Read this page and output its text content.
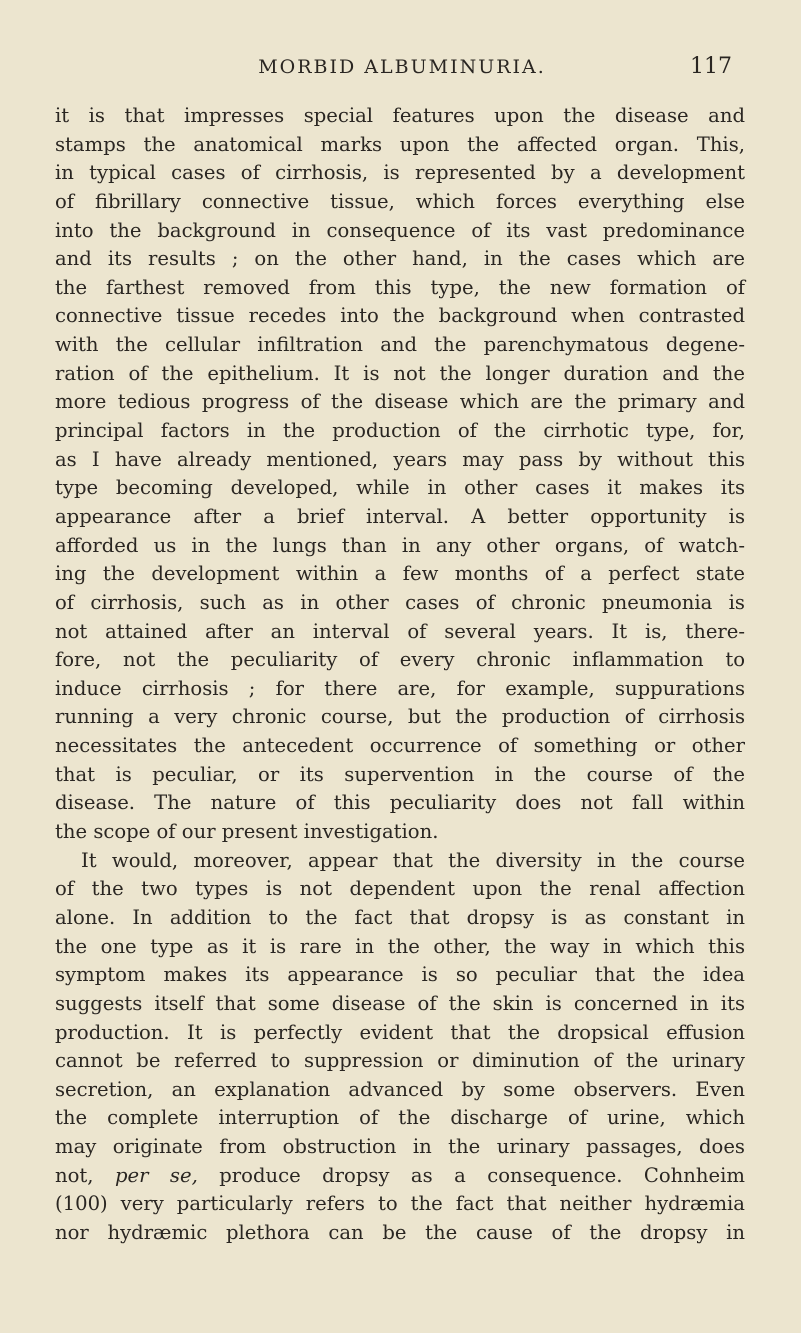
MORBID ALBUMINURIA.	117
it is that impresses special features upon the disease and
stamps the anatomical marks upon the affected organ. This,
in typical cases of cirrhosis, is represented by a development
of fibrillary connective tissue, which forces everything else
into the background in consequence of its vast predominance
and its results ; on the other hand, in the cases which are
the farthest removed from this type, the new formation of
connective tissue recedes into the background when contrasted
with the cellular infiltration and the parenchymatous degene-
ration of the epithelium. It is not the longer duration and the
more tedious progress of the disease which are the primary and
principal factors in the production of the cirrhotic type, for,
as I have already mentioned, years may pass by without this
type becoming developed, while in other cases it makes its
appearance after a brief interval. A better opportunity is
afforded us in the lungs than in any other organs, of watch-
ing the development within a few months of a perfect state
of cirrhosis, such as in other cases of chronic pneumonia is
not attained after an interval of several years. It is, there-
fore, not the peculiarity of every chronic inflammation to
induce cirrhosis ; for there are, for example, suppurations
running a very chronic course, but the production of cirrhosis
necessitates the antecedent occurrence of something or other
that is peculiar, or its supervention in the course of the
disease. The nature of this peculiarity does not fall within
the scope of our present investigation.
It would, moreover, appear that the diversity in the course
of the two types is not dependent upon the renal affection
alone. In addition to the fact that dropsy is as constant in
the one type as it is rare in the other, the way in which this
symptom makes its appearance is so peculiar that the idea
suggests itself that some disease of the skin is concerned in its
production. It is perfectly evident that the dropsical effusion
cannot be referred to suppression or diminution of the urinary
secretion, an explanation advanced by some observers. Even
the complete interruption of the discharge of urine, which
may originate from obstruction in the urinary passages, does
not, per se, produce dropsy as a consequence. Cohnheim
(100) very particularly refers to the fact that neither hydræmia
nor hydræmic plethora can be the cause of the dropsy in
